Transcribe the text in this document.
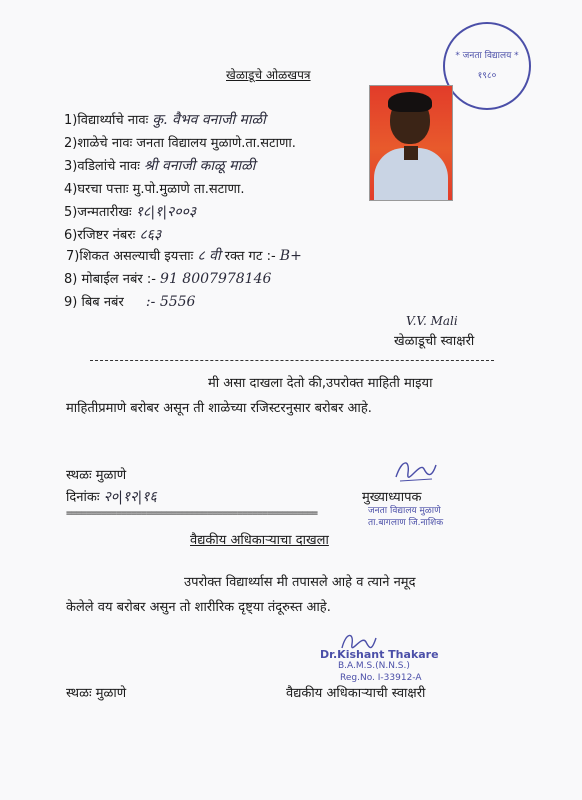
* जनता विद्यालय *
१९८०
खेळाडूचे ओळखपत्र
1)विद्यार्थ्याचे नावः कु. वैभव वनाजी माळी
2)शाळेचे नावः जनता विद्यालय मुळाणे.ता.सटाणा.
3)वडिलांचे नावः श्री वनाजी काळू माळी
4)घरचा पत्ताः मु.पो.मुळाणे ता.सटाणा.
5)जन्मतारीखः १८|१|२००३
6)रजिष्टर नंबरः ८६३
7)शिकत असल्याची इयत्ताः ८ वी रक्त गट :- B+
8) मोबाईल नबंर :- 91 8007978146
9) बिब नबंर :- 5556
V.V. Mali
खेळाडूची स्वाक्षरी
मी असा दाखला देतो की,उपरोक्त माहिती माइया
माहितीप्रमाणे बरोबर असून ती शाळेच्या रजिस्टरनुसार बरोबर आहे.
स्थळः मुळाणे
दिनांकः २०|१२|१६	मुख्याध्यापक
जनता विद्यालय मुळाणे
ता.बागलाण जि.नाशिक
==================================================
वैद्यकीय अधिकाऱ्याचा दाखला
उपरोक्त विद्यार्थ्यास मी तपासले आहे व त्याने नमूद
केलेले वय बरोबर असुन तो शारीरिक दृष्ट्या तंदूरुस्त आहे.
Dr.Kishant Thakare
B.A.M.S.(N.N.S.)
Reg.No. I-33912-A
स्थळः मुळाणे	वैद्यकीय अधिकाऱ्याची स्वाक्षरी
